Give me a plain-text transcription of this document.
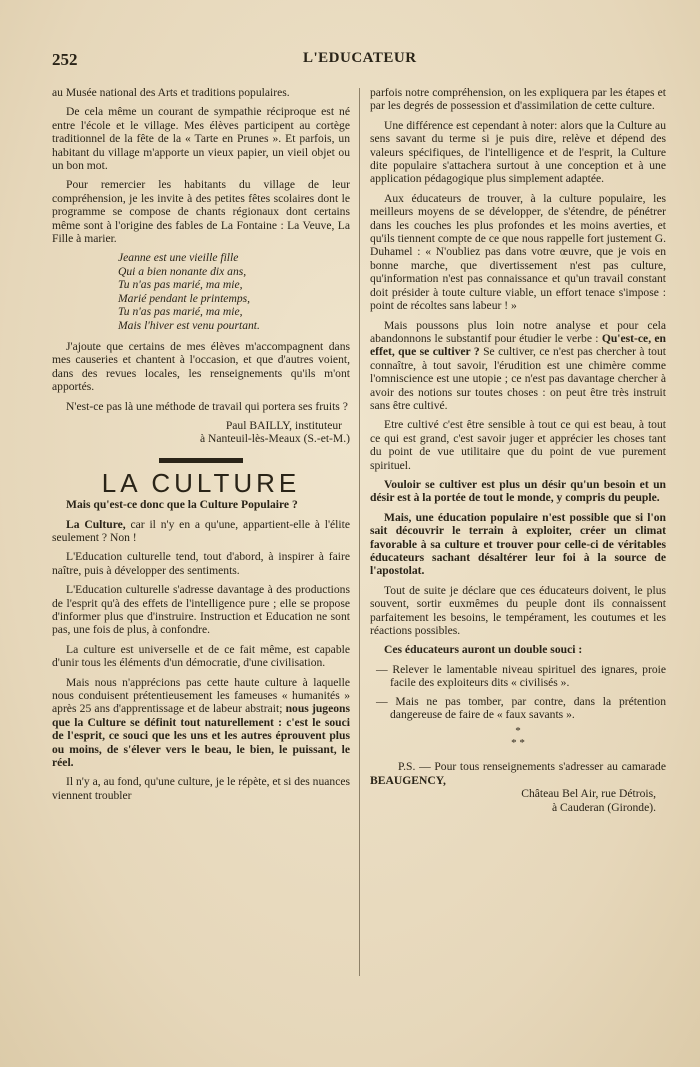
252	L'EDUCATEUR

au Musée national des Arts et traditions populaires.

De cela même un courant de sympathie réciproque est né entre l'école et le village. Mes élèves participent au cortège traditionnel de la fête de la « Tarte en Prunes ». Et parfois, un habitant du village m'apporte un vieux papier, un vieil objet ou un bon mot.

Pour remercier les habitants du village de leur compréhension, je les invite à des petites fêtes scolaires dont le programme se compose de chants régionaux dont certains même sont à l'origine des fables de La Fontaine : La Veuve, La Fille à marier.

Jeanne est une vieille fille
Qui a bien nonante dix ans,
Tu n'as pas marié, ma mie,
Marié pendant le printemps,
Tu n'as pas marié, ma mie,
Mais l'hiver est venu pourtant.

J'ajoute que certains de mes élèves m'accompagnent dans mes causeries et chantent à l'occasion, et que d'autres voient, dans des revues locales, les renseignements qu'ils m'ont apportés.

N'est-ce pas là une méthode de travail qui portera ses fruits ?

Paul BAILLY, instituteur

à Nanteuil-lès-Meaux (S.-et-M.)

LA CULTURE

Mais qu'est-ce donc que la Culture Populaire ?

La Culture, car il n'y en a qu'une, appartient-elle à l'élite seulement ? Non !

L'Education culturelle tend, tout d'abord, à inspirer à faire naître, puis à développer des sentiments.

L'Education culturelle s'adresse davantage à des productions de l'esprit qu'à des effets de l'intelligence pure ; elle se propose d'informer plus que d'instruire. Instruction et Education ne sont pas, une fois de plus, à confondre.

La culture est universelle et de ce fait même, est capable d'unir tous les éléments d'un démocratie, d'une civilisation.

Mais nous n'apprécions pas cette haute culture à laquelle nous conduisent prétentieusement les fameuses « humanités » après 25 ans d'apprentissage et de labeur abstrait; nous jugeons que la Culture se définit tout naturellement : c'est le souci de l'esprit, ce souci que les uns et les autres éprouvent plus ou moins, de s'élever vers le beau, le bien, le puissant, le réel.

Il n'y a, au fond, qu'une culture, je le répète, et si des nuances viennent troubler

parfois notre compréhension, on les expliquera par les étapes et par les degrés de possession et d'assimilation de cette culture.

Une différence est cependant à noter: alors que la Culture au sens savant du terme si je puis dire, relève et dépend des valeurs spécifiques, de l'intelligence et de l'esprit, la Culture dite populaire s'attachera surtout à une conception et à une application pédagogique plus simplement adaptée.

Aux éducateurs de trouver, à la culture populaire, les meilleurs moyens de se développer, de s'étendre, de pénétrer dans les couches les plus profondes et les moins averties, et qu'ils tiennent compte de ce que nous rappelle fort justement G. Duhamel : « N'oubliez pas dans votre œuvre, que je vois en bonne marche, que divertissement n'est pas culture, qu'information n'est pas connaissance et qu'un travail constant doit présider à toute culture viable, un effort tenace s'impose : point de récoltes sans labeur ! »

Mais poussons plus loin notre analyse et pour cela abandonnons le substantif pour étudier le verbe : Qu'est-ce, en effet, que se cultiver ? Se cultiver, ce n'est pas chercher à tout connaître, à tout savoir, l'érudition est une chimère comme l'omniscience est une utopie ; ce n'est pas davantage chercher à avoir des notions sur toutes choses : on peut être très instruit sans être cultivé.

Etre cultivé c'est être sensible à tout ce qui est beau, à tout ce qui est grand, c'est savoir juger et apprécier les choses tant du point de vue utilitaire que du point de vue purement spirituel.

Vouloir se cultiver est plus un désir qu'un besoin et un désir est à la portée de tout le monde, y compris du peuple.

Mais, une éducation populaire n'est possible que si l'on sait découvrir le terrain à exploiter, créer un climat favorable à sa culture et trouver pour celle-ci de véritables éducateurs sachant désaltérer leur foi à la source de l'apostolat.

Tout de suite je déclare que ces éducateurs doivent, le plus souvent, sortir euxmêmes du peuple dont ils connaissent parfaitement les besoins, le tempérament, les coutumes et les réactions possibles.

Ces éducateurs auront un double souci :

— Relever le lamentable niveau spirituel des ignares, proie facile des exploiteurs dits « civilisés ».

— Mais ne pas tomber, par contre, dans la prétention dangereuse de faire de « faux savants ».

*
* *

P.S. — Pour tous renseignements s'adresser au camarade BEAUGENCY,

Château Bel Air, rue Détrois,

à Cauderan (Gironde).
